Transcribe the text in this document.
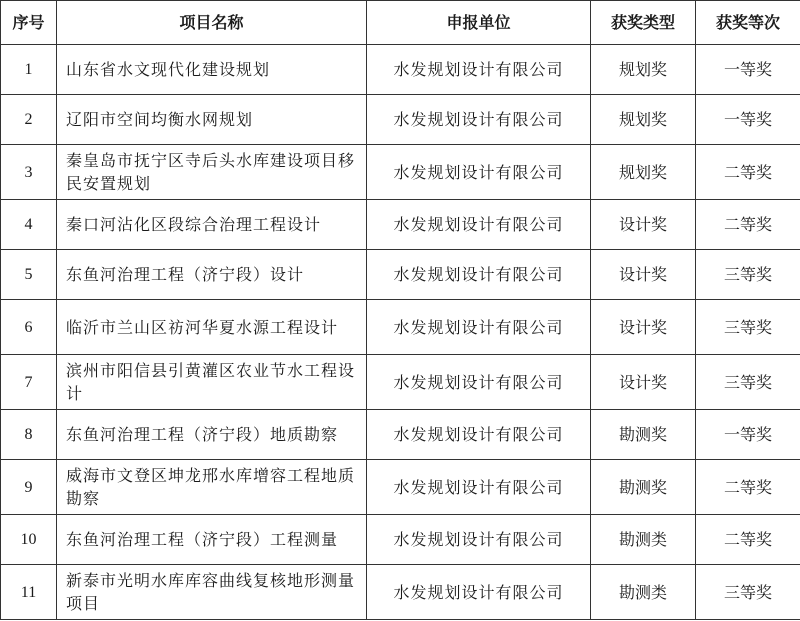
序号	项目名称	申报单位	获奖类型	获奖等次
1	山东省水文现代化建设规划	水发规划设计有限公司	规划奖	一等奖
2	辽阳市空间均衡水网规划	水发规划设计有限公司	规划奖	一等奖
3	秦皇岛市抚宁区寺后头水库建设项目移民安置规划	水发规划设计有限公司	规划奖	二等奖
4	秦口河沾化区段综合治理工程设计	水发规划设计有限公司	设计奖	二等奖
5	东鱼河治理工程（济宁段）设计	水发规划设计有限公司	设计奖	三等奖
6	临沂市兰山区祊河华夏水源工程设计	水发规划设计有限公司	设计奖	三等奖
7	滨州市阳信县引黄灌区农业节水工程设计	水发规划设计有限公司	设计奖	三等奖
8	东鱼河治理工程（济宁段）地质勘察	水发规划设计有限公司	勘测奖	一等奖
9	威海市文登区坤龙邢水库增容工程地质勘察	水发规划设计有限公司	勘测奖	二等奖
10	东鱼河治理工程（济宁段）工程测量	水发规划设计有限公司	勘测类	二等奖
11	新泰市光明水库库容曲线复核地形测量项目	水发规划设计有限公司	勘测类	三等奖
